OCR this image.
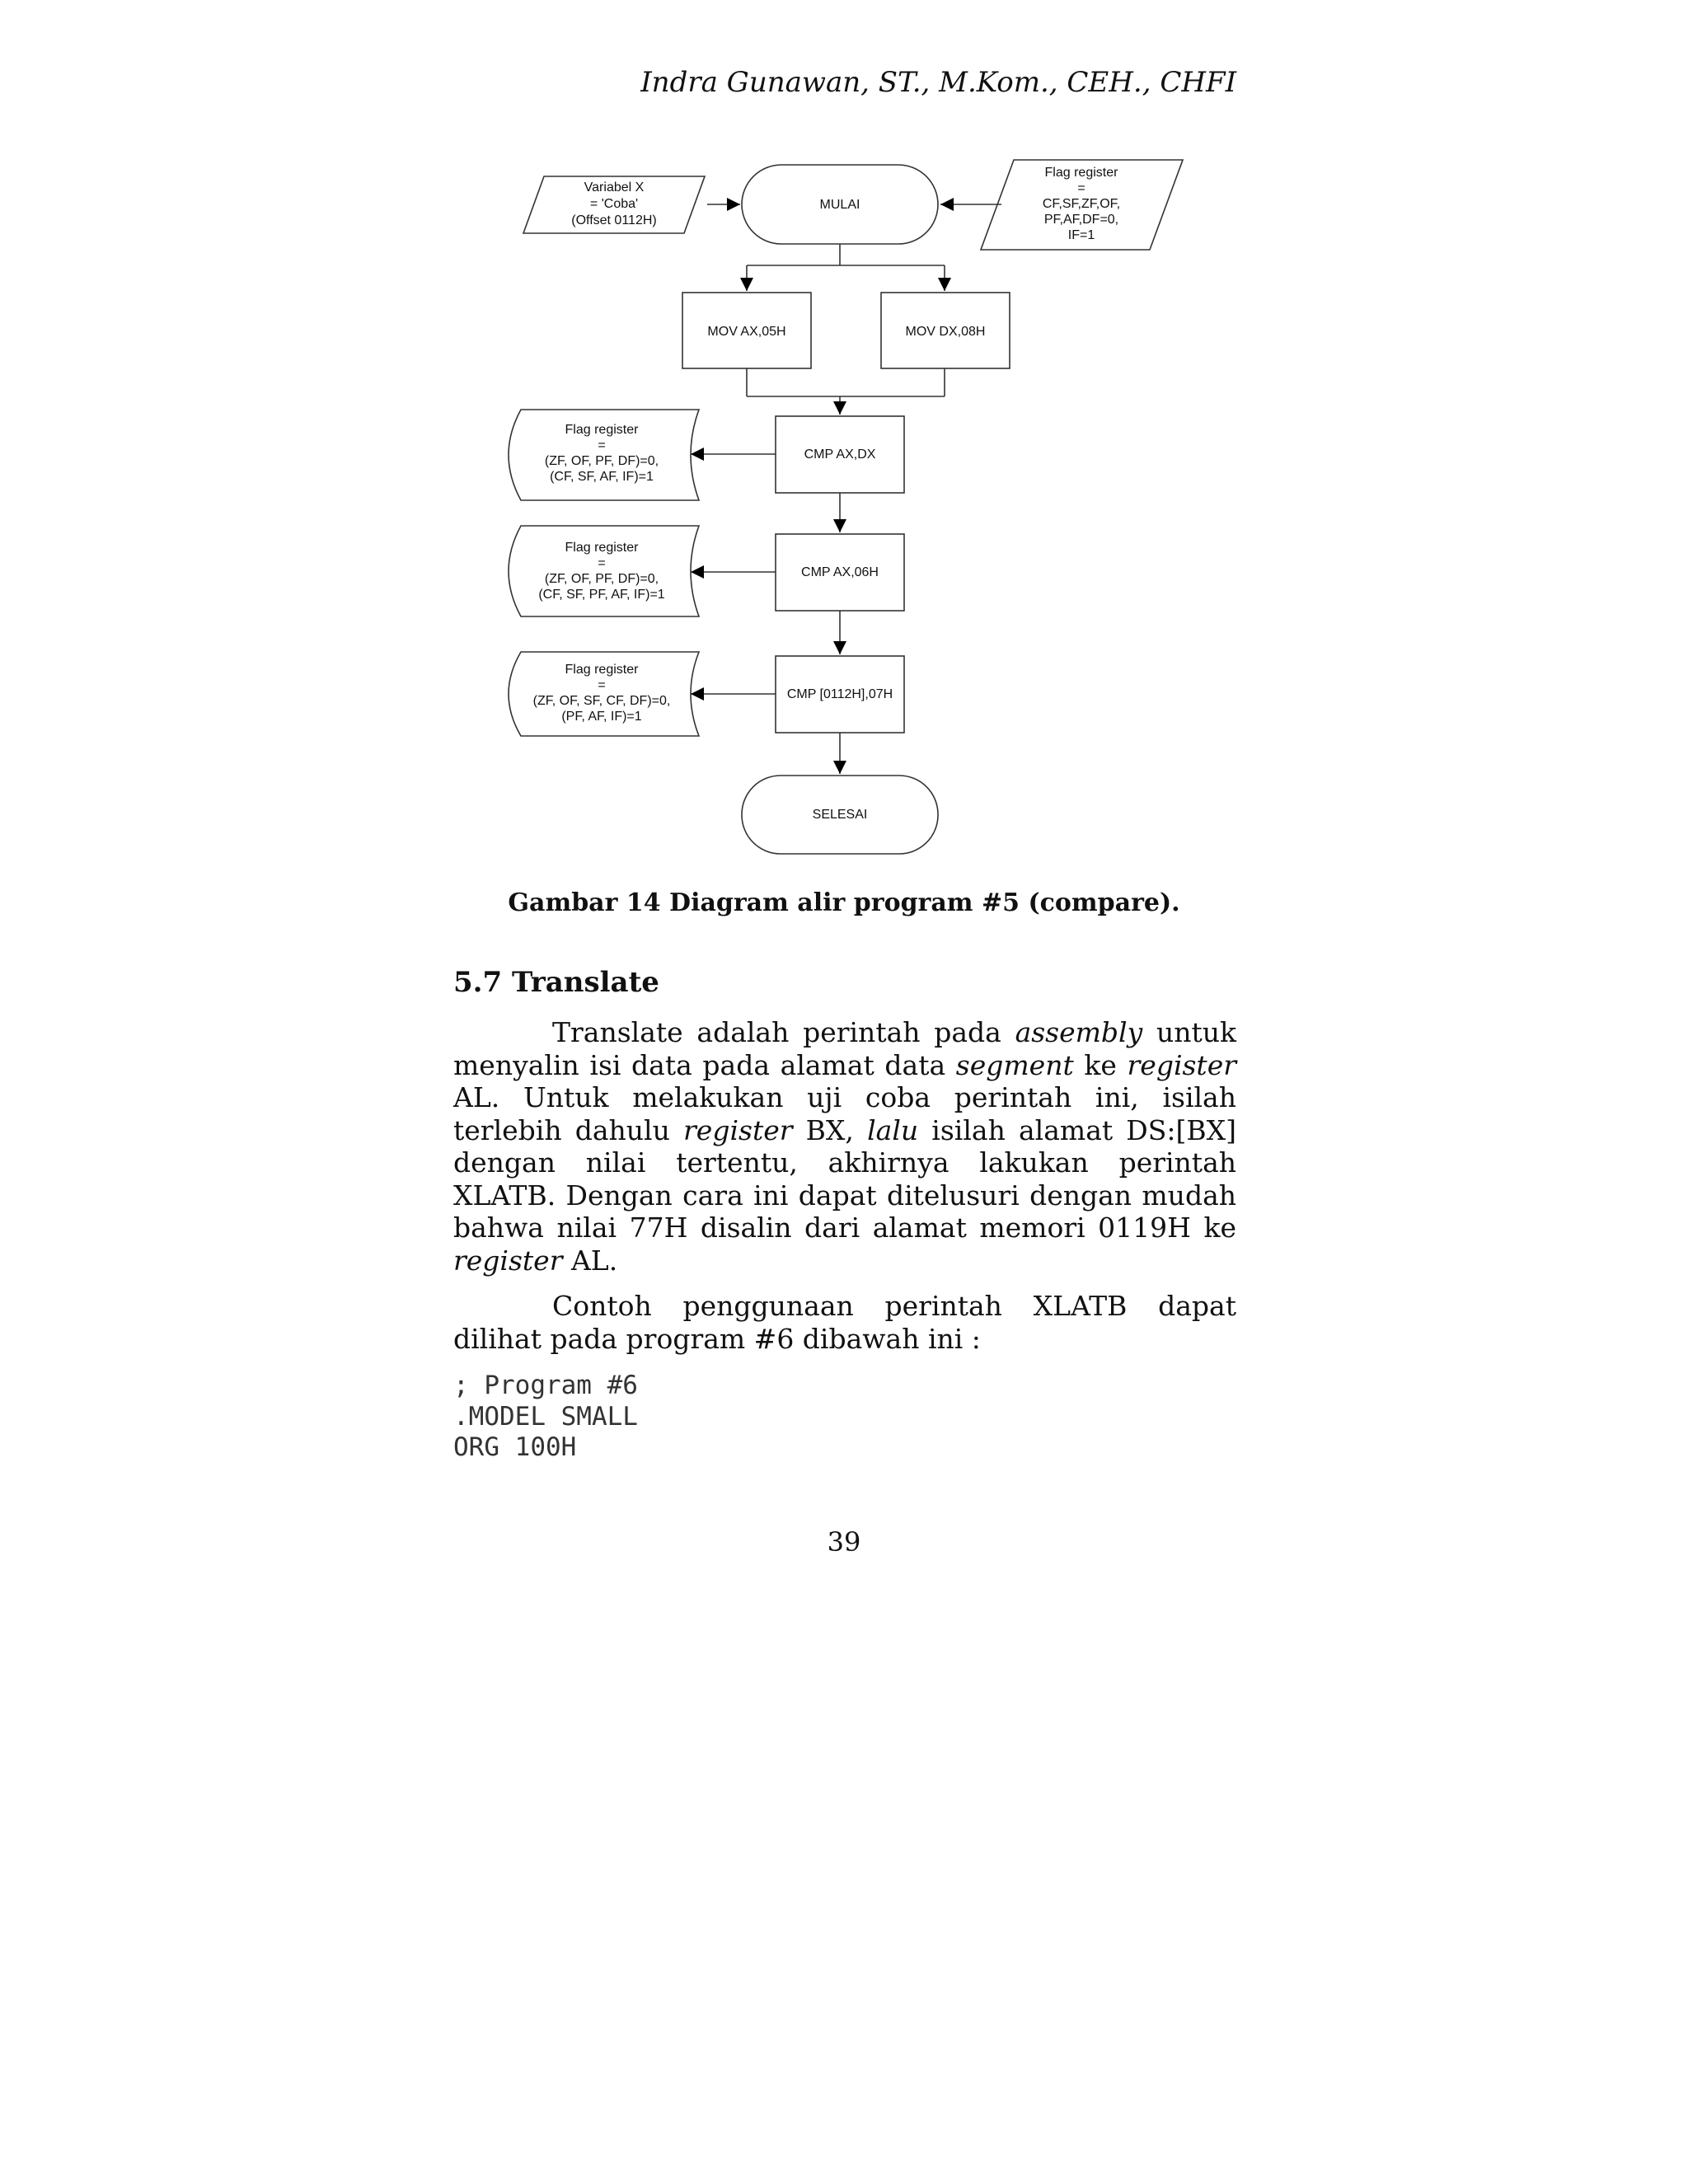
Indra Gunawan, ST., M.Kom., CEH., CHFI
MULAI
SELESAI
Variabel X
= 'Coba'
(Offset 0112H)
Flag register
=
CF,SF,ZF,OF,
PF,AF,DF=0,
IF=1
MOV AX,05H	MOV DX,08H
CMP AX,DX
CMP AX,06H
CMP [0112H],07H
Flag register
=
(ZF, OF, PF, DF)=0,
(CF, SF, AF, IF)=1
Flag register
=
(ZF, OF, PF, DF)=0,
(CF, SF, PF, AF, IF)=1
Flag register
=
(ZF, OF, SF, CF, DF)=0,
(PF, AF, IF)=1
Gambar 14 Diagram alir program #5 (compare).
5.7 Translate

Translate adalah perintah pada assembly untuk menyalin isi data pada alamat data segment ke register AL. Untuk melakukan uji coba perintah ini, isilah terlebih dahulu register BX, lalu isilah alamat DS:[BX] dengan nilai tertentu, akhirnya lakukan perintah XLATB. Dengan cara ini dapat ditelusuri dengan mudah bahwa nilai 77H disalin dari alamat memori 0119H ke register AL.

Contoh penggunaan perintah XLATB dapat dilihat pada program #6 dibawah ini :

; Program #6
.MODEL SMALL
ORG 100H
39
